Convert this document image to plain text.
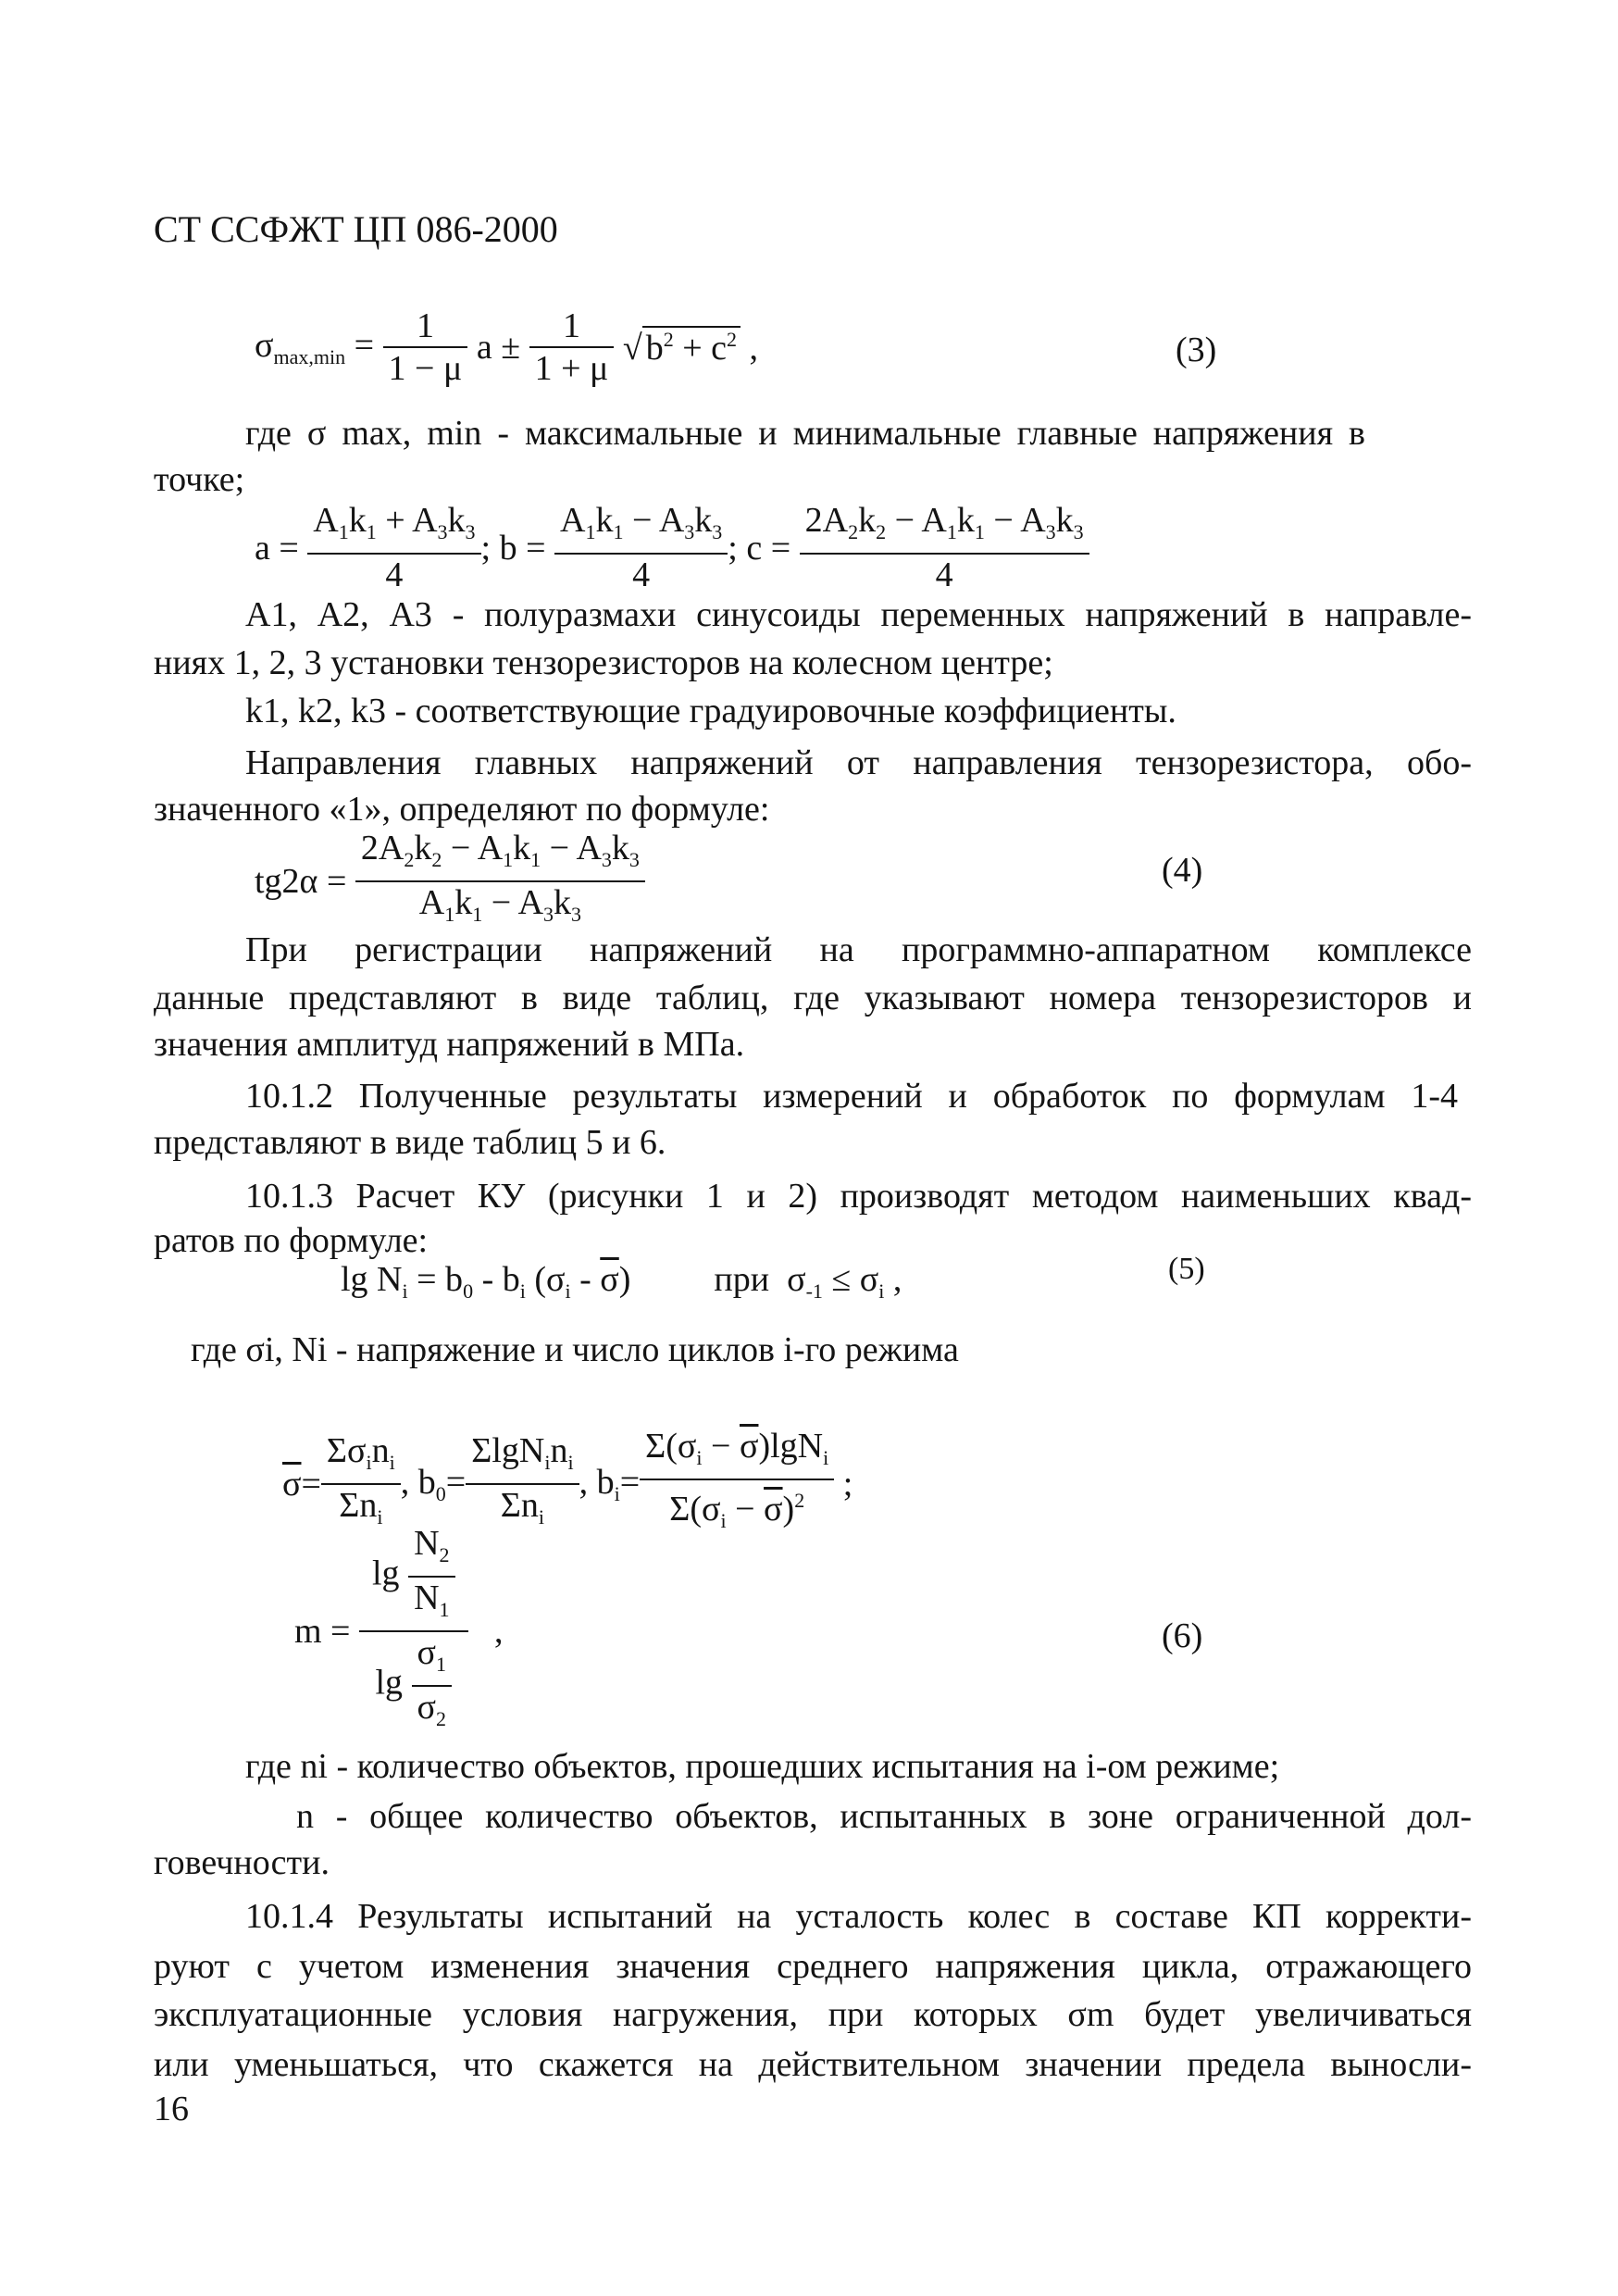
СТ ССФЖТ ЦП 086-2000
$\sigma_{max,min} = \frac{1}{1 - \mu}$ $a \pm \frac{1}{1 + \mu}$ √ $b^2 + c^2$ ,	(3)
где σ max, min - максимальные и минимальные главные напряжения в
точке;
$a = \frac{A_1k_1 + A_3k_3}{4}$ ; $b = \frac{A_1k_1 - A_3k_3}{4}$ ; $c = \frac{2A_2k_2 - A_1k_1 - A_3k_3}{4}$
А1, А2, А3 - полуразмахи синусоиды переменных напряжений в направле-
ниях 1, 2, 3 установки тензорезисторов на колесном центре;
k1, k2, k3 - соответствующие градуировочные коэффициенты.
Направления главных напряжений от направления тензорезистора, обо-
значенного «1», определяют по формуле:
$tg2\alpha = \frac{2A_2k_2 - A_1k_1 - A_3k_3}{A_1k_1 - A_3k_3}$	(4)
При регистрации напряжений на программно-аппаратном комплексе
данные представляют в виде таблиц, где указывают номера тензорезисторов и
значения амплитуд напряжений в МПа.
10.1.2 Полученные результаты измерений и обработок по формулам 1-4
представляют в виде таблиц 5 и 6.
10.1.3 Расчет КУ (рисунки 1 и 2) производят методом наименьших квад-
ратов по формуле:
$\lg N_i = b_0 - b_i$ $(\sigma_i - \overline{\sigma})$ при  $\sigma_{-1} \le \sigma_i$ ,	(5)
где σi, Ni - напряжение и число циклов i-го режима
$\overline{\sigma} = \frac{\Sigma\sigma_in_i}{\Sigma n_i}$ , $b_0= \frac{\Sigma\lg N_in_i}{\Sigma n_i}$ , $b_i= \frac{\Sigma(\sigma_i - \overline{\sigma})\lg N_i}{\Sigma(\sigma_i - \overline{\sigma})^2}$ ;
$m = \frac{\lg \frac{N_2}{N_1}}{\lg \frac{\sigma_1}{\sigma_2}}$ ,	(6)
где ni - количество объектов, прошедших испытания на i-ом режиме;
n - общее количество объектов, испытанных в зоне ограниченной дол-
говечности.
10.1.4 Результаты испытаний на усталость колес в составе КП корректи-
руют с учетом изменения значения среднего напряжения цикла, отражающего
эксплуатационные условия нагружения, при которых σm будет увеличиваться
или уменьшаться, что скажется на действительном значении предела выносли-
16
